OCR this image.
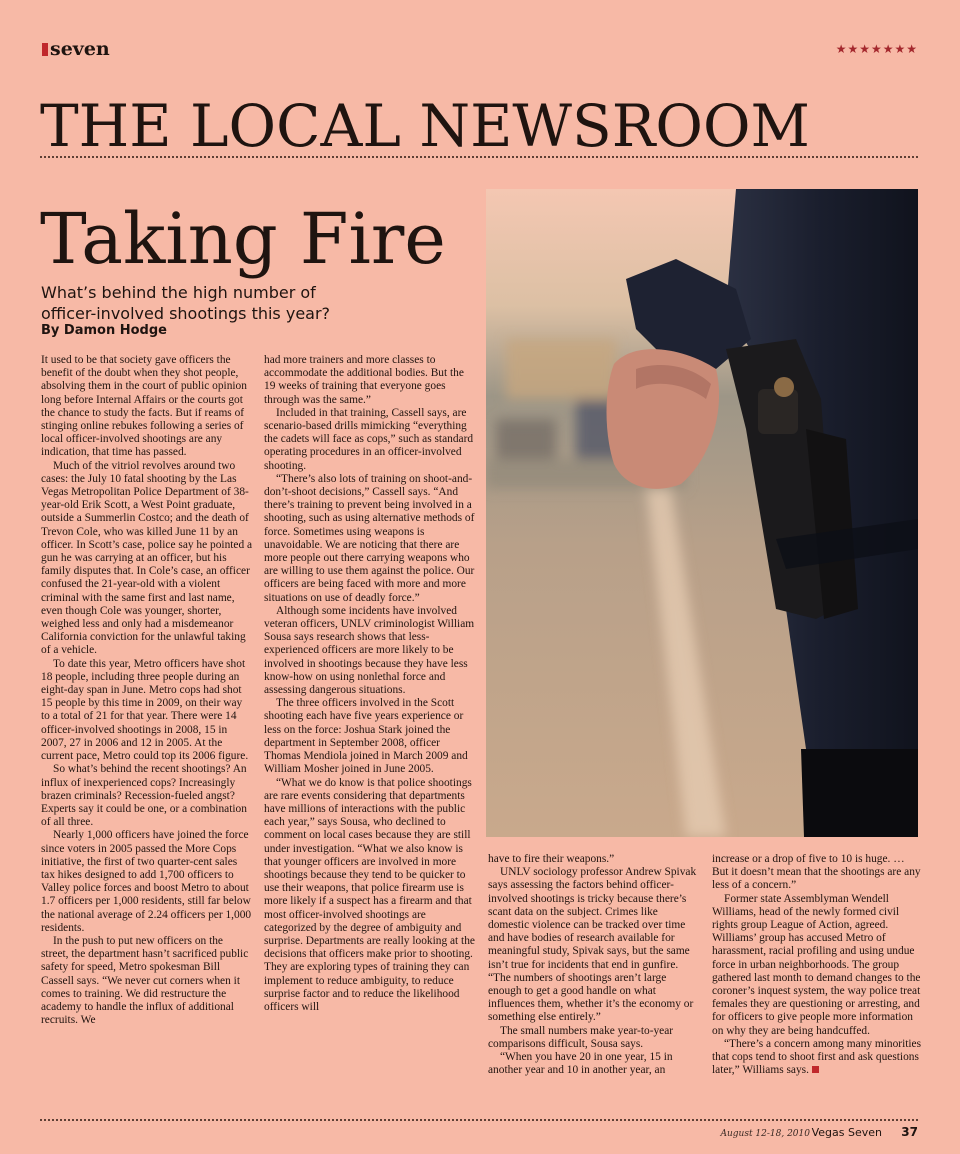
seven	★★★★★★★
THE LOCAL NEWSROOM
Taking Fire
What’s behind the high number of officer-involved shootings this year?
By Damon Hodge

It used to be that society gave officers the benefit of the doubt when they shot people, absolving them in the court of public opinion long before Internal Affairs or the courts got the chance to study the facts. But if reams of stinging online rebukes following a series of local officer-involved shootings are any indication, that time has passed.

Much of the vitriol revolves around two cases: the July 10 fatal shooting by the Las Vegas Metropolitan Police Department of 38-year-old Erik Scott, a West Point graduate, outside a Summerlin Costco; and the death of Trevon Cole, who was killed June 11 by an officer. In Scott’s case, police say he pointed a gun he was carrying at an officer, but his family disputes that. In Cole’s case, an officer confused the 21-year-old with a violent criminal with the same first and last name, even though Cole was younger, shorter, weighed less and only had a misdemeanor California conviction for the unlawful taking of a vehicle.

To date this year, Metro officers have shot 18 people, including three people during an eight-day span in June. Metro cops had shot 15 people by this time in 2009, on their way to a total of 21 for that year. There were 14 officer-involved shootings in 2008, 15 in 2007, 27 in 2006 and 12 in 2005. At the current pace, Metro could top its 2006 figure.

So what’s behind the recent shootings? An influx of inexperienced cops? Increasingly brazen criminals? Recession-fueled angst? Experts say it could be one, or a combination of all three.

Nearly 1,000 officers have joined the force since voters in 2005 passed the More Cops initiative, the first of two quarter-cent sales tax hikes designed to add 1,700 officers to Valley police forces and boost Metro to about 1.7 officers per 1,000 residents, still far below the national average of 2.24 officers per 1,000 residents.

In the push to put new officers on the street, the department hasn’t sacrificed public safety for speed, Metro spokesman Bill Cassell says. “We never cut corners when it comes to training. We did restructure the academy to handle the influx of additional recruits. We

had more trainers and more classes to accommodate the additional bodies. But the 19 weeks of training that everyone goes through was the same.”

Included in that training, Cassell says, are scenario-based drills mimicking “everything the cadets will face as cops,” such as standard operating procedures in an officer-involved shooting.

“There’s also lots of training on shoot-and-don’t-shoot decisions,” Cassell says. “And there’s training to prevent being involved in a shooting, such as using alternative methods of force. Sometimes using weapons is unavoidable. We are noticing that there are more people out there carrying weapons who are willing to use them against the police. Our officers are being faced with more and more situations on use of deadly force.”

Although some incidents have involved veteran officers, UNLV criminologist William Sousa says research shows that less-experienced officers are more likely to be involved in shootings because they have less know-how on using nonlethal force and assessing dangerous situations.

The three officers involved in the Scott shooting each have five years experience or less on the force: Joshua Stark joined the department in September 2008, officer Thomas Mendiola joined in March 2009 and William Mosher joined in June 2005.

“What we do know is that police shootings are rare events considering that departments have millions of interactions with the public each year,” says Sousa, who declined to comment on local cases because they are still under investigation. “What we also know is that younger officers are involved in more shootings because they tend to be quicker to use their weapons, that police firearm use is more likely if a suspect has a firearm and that most officer-involved shootings are categorized by the degree of ambiguity and surprise. Departments are really looking at the decisions that officers make prior to shooting. They are exploring types of training they can implement to reduce ambiguity, to reduce surprise factor and to reduce the likelihood officers will

have to fire their weapons.”

UNLV sociology professor Andrew Spivak says assessing the factors behind officer-involved shootings is tricky because there’s scant data on the subject. Crimes like domestic violence can be tracked over time and have bodies of research available for meaningful study, Spivak says, but the same isn’t true for incidents that end in gunfire. “The numbers of shootings aren’t large enough to get a good handle on what influences them, whether it’s the economy or something else entirely.”

The small numbers make year-to-year comparisons difficult, Sousa says.

“When you have 20 in one year, 15 in another year and 10 in another year, an

increase or a drop of five to 10 is huge. … But it doesn’t mean that the shootings are any less of a concern.”

Former state Assemblyman Wendell Williams, head of the newly formed civil rights group League of Action, agreed. Williams’ group has accused Metro of harassment, racial profiling and using undue force in urban neighborhoods. The group gathered last month to demand changes to the coroner’s inquest system, the way police treat females they are questioning or arresting, and for officers to give people more information on why they are being handcuffed.

“There’s a concern among many minorities that cops tend to shoot first and ask questions later,” Williams says.

August 12-18, 2010 Vegas Seven 37
